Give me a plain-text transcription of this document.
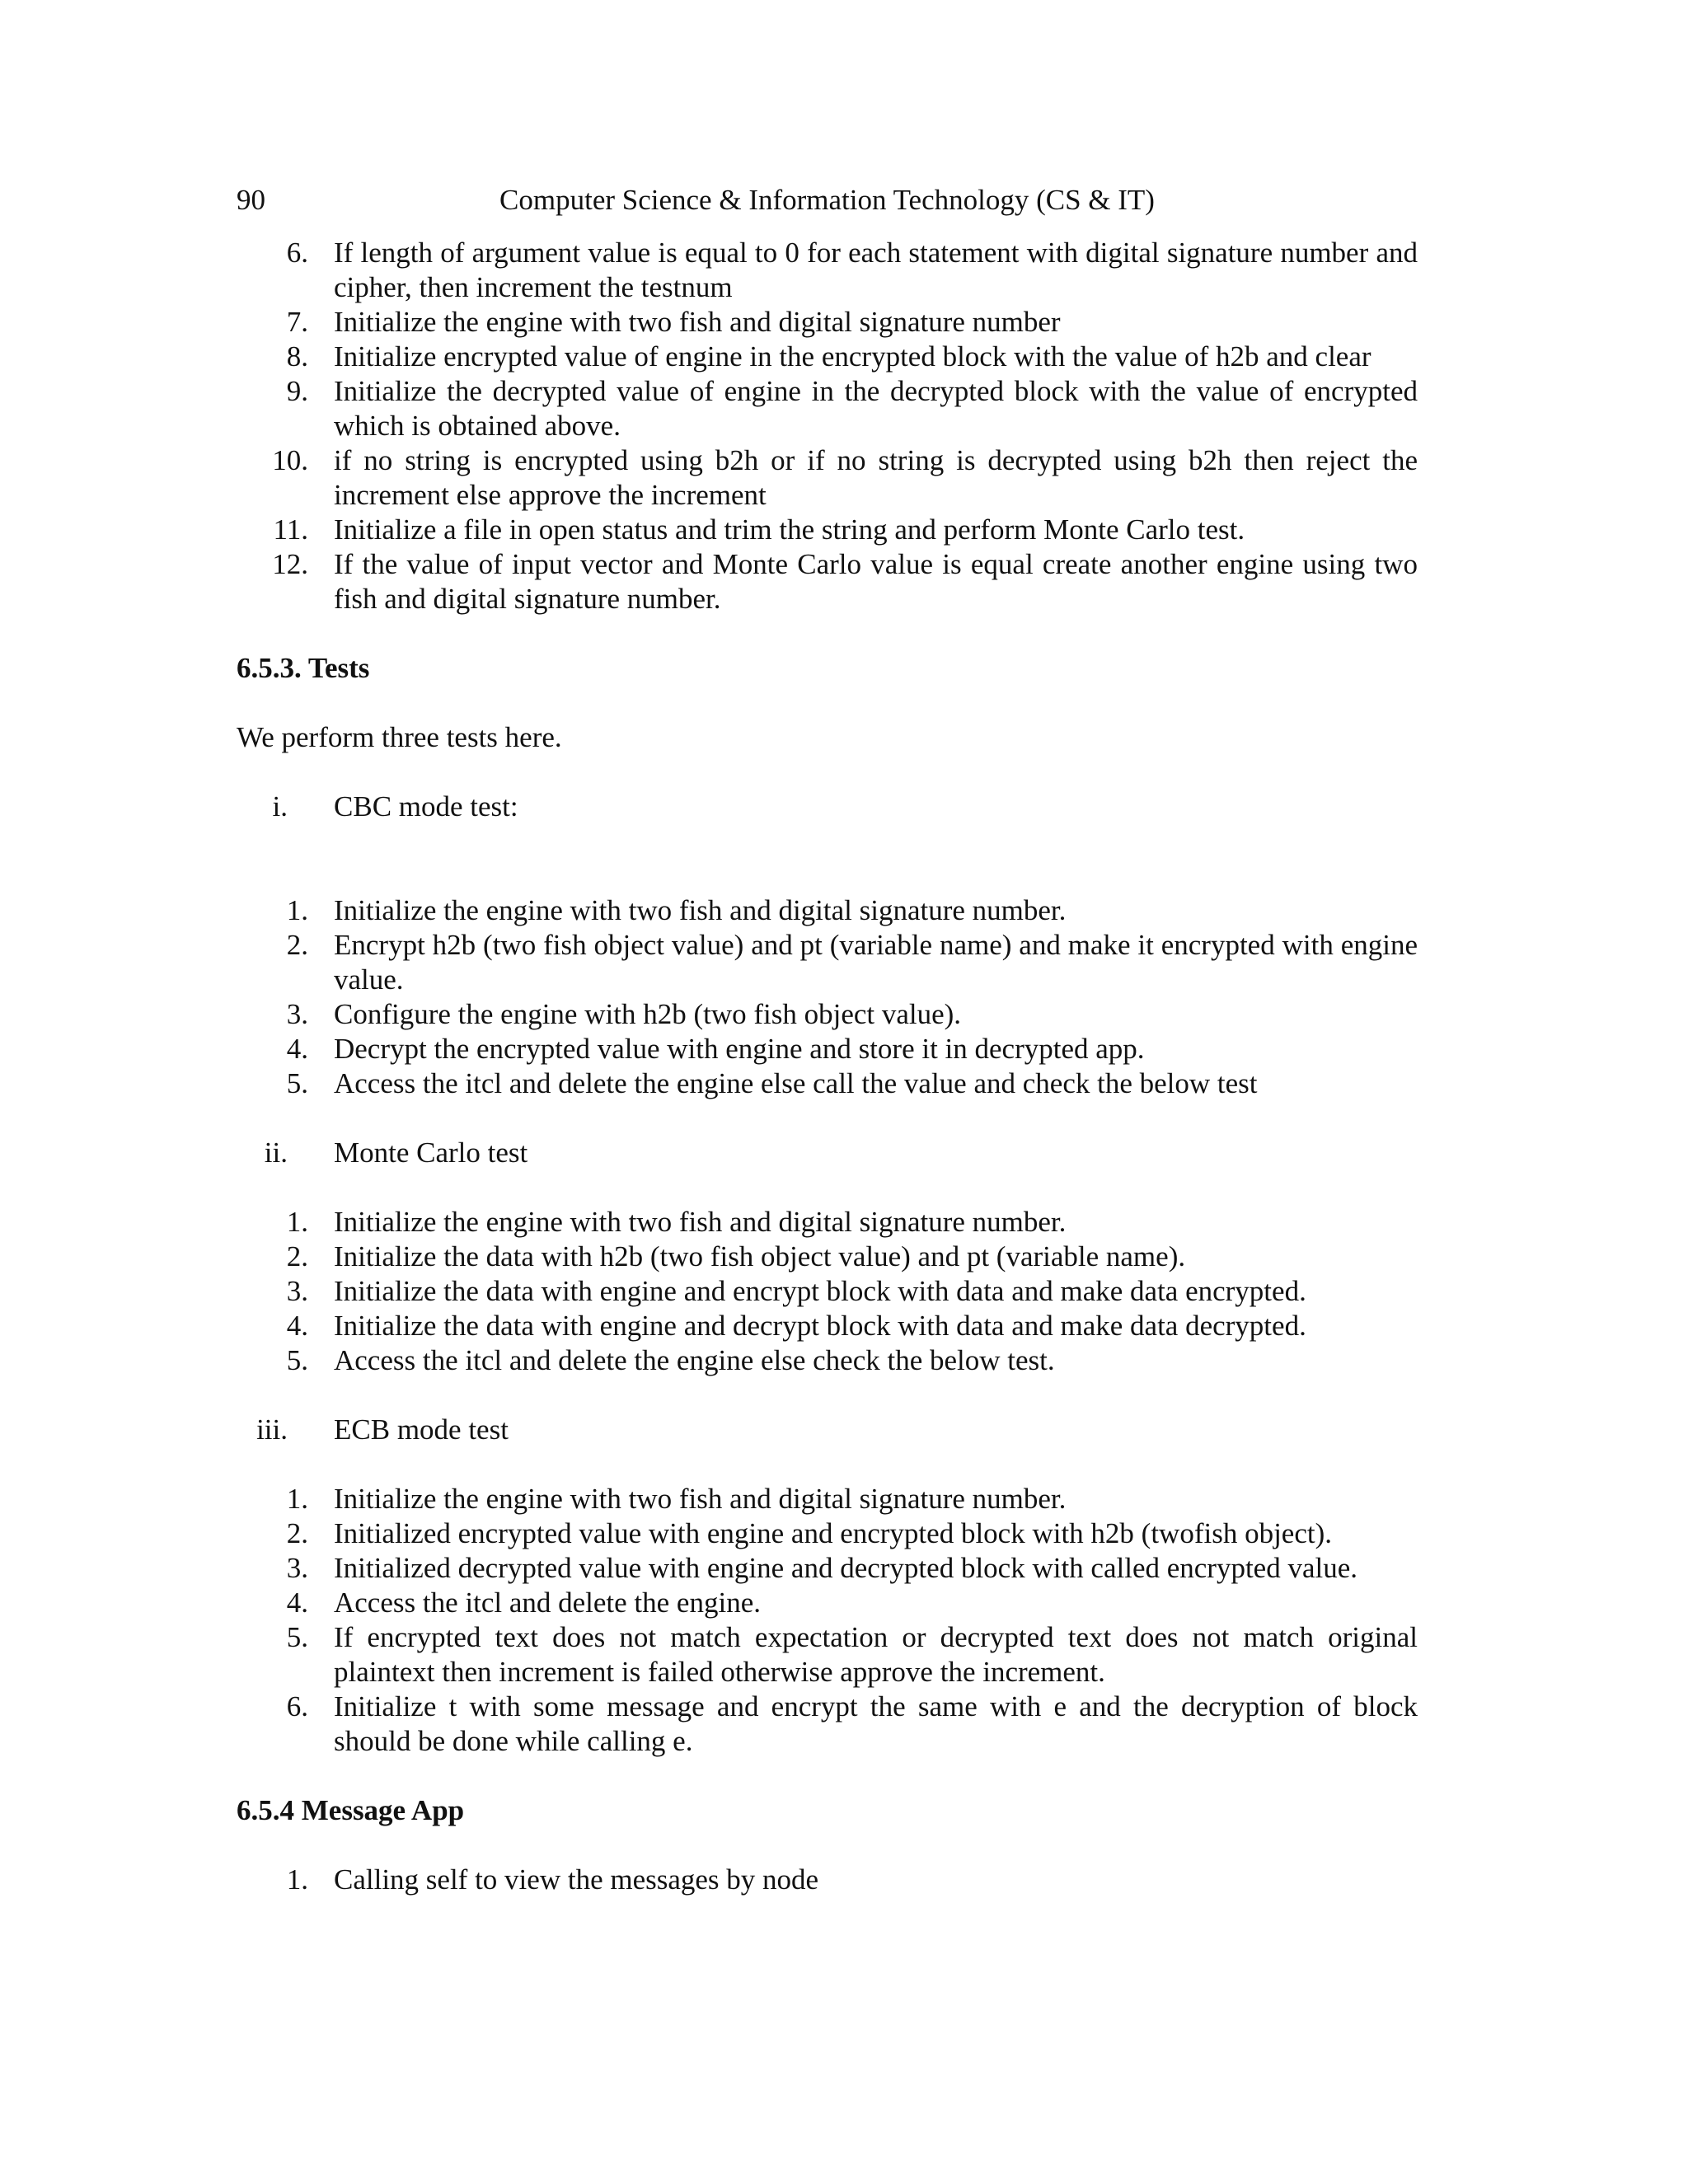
90	Computer Science & Information Technology (CS & IT)
6. If length of argument value is equal to 0 for each statement with digital signature number and cipher, then increment the testnum
7. Initialize the engine with two fish and digital signature number
8. Initialize encrypted value of engine in the encrypted block with the value of h2b and clear
9. Initialize the decrypted value of engine in the decrypted block with the value of encrypted which is obtained above.
10. if no string is encrypted using b2h or if no string is decrypted using b2h then reject the increment else approve the increment
11. Initialize a file in open status and trim the string and perform Monte Carlo test.
12. If the value of input vector and Monte Carlo value is equal create another engine using two fish and digital signature number.
6.5.3. Tests
We perform three tests here.
i. CBC mode test:
1. Initialize the engine with two fish and digital signature number.
2. Encrypt h2b (two fish object value) and pt (variable name) and make it encrypted with engine value.
3. Configure the engine with h2b (two fish object value).
4. Decrypt the encrypted value with engine and store it in decrypted app.
5. Access the itcl and delete the engine else call the value and check the below test
ii. Monte Carlo test
1. Initialize the engine with two fish and digital signature number.
2. Initialize the data with h2b (two fish object value) and pt (variable name).
3. Initialize the data with engine and encrypt block with data and make data encrypted.
4. Initialize the data with engine and decrypt block with data and make data decrypted.
5. Access the itcl and delete the engine else check the below test.
iii. ECB mode test
1. Initialize the engine with two fish and digital signature number.
2. Initialized encrypted value with engine and encrypted block with h2b (twofish object).
3. Initialized decrypted value with engine and decrypted block with called encrypted value.
4. Access the itcl and delete the engine.
5. If encrypted text does not match expectation or decrypted text does not match original plaintext then increment is failed otherwise approve the increment.
6. Initialize t with some message and encrypt the same with e and the decryption of block should be done while calling e.
6.5.4 Message App
1. Calling self to view the messages by node
